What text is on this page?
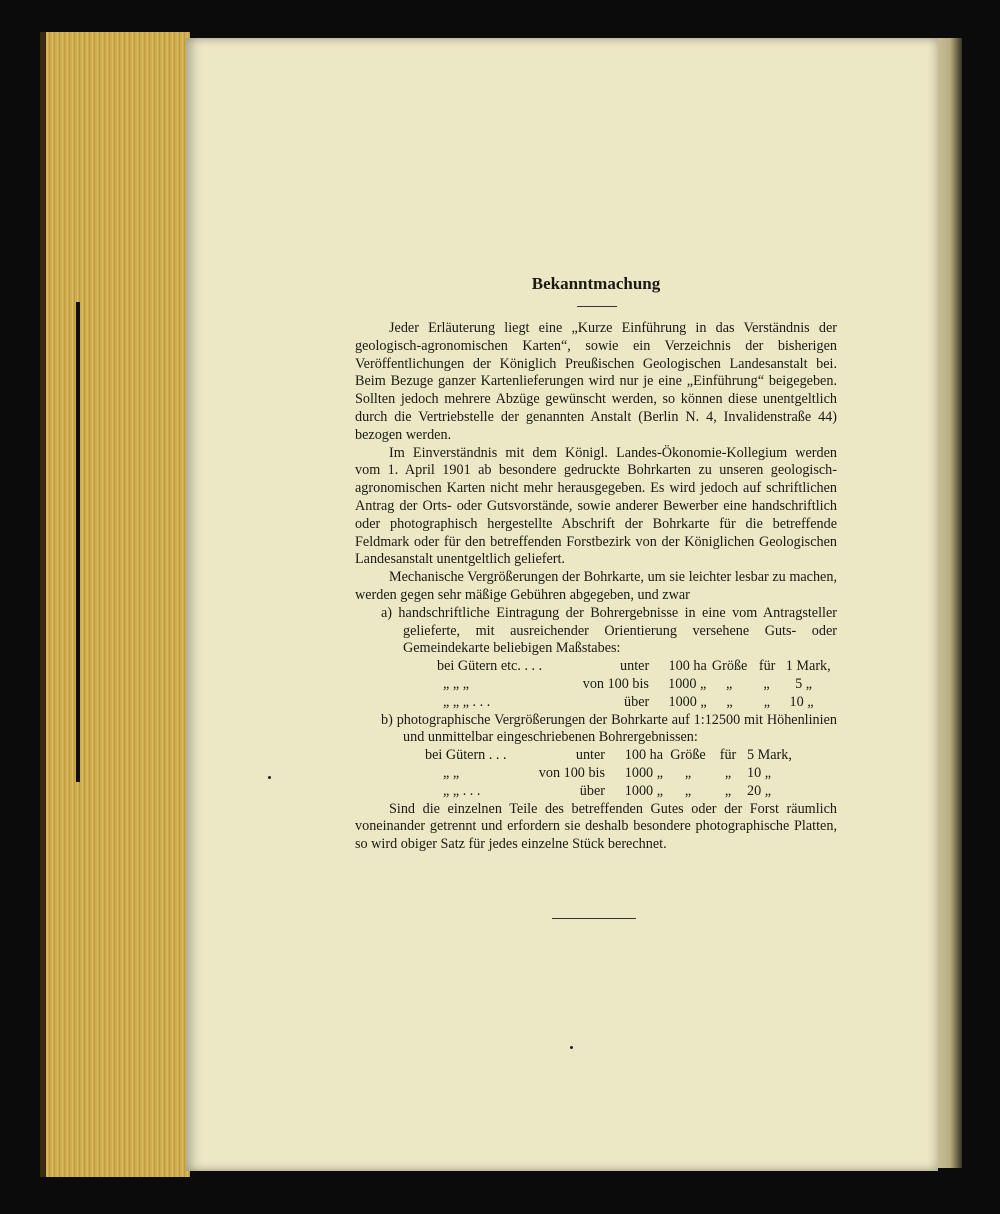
Bekanntmachung

Jeder Erläuterung liegt eine „Kurze Einführung in das Verständnis der geologisch-agronomischen Karten“, sowie ein Verzeichnis der bisherigen Veröffentlichungen der Königlich Preußischen Geologischen Landesanstalt bei. Beim Bezuge ganzer Kartenlieferungen wird nur je eine „Einführung“ beigegeben. Sollten jedoch mehrere Abzüge gewünscht werden, so können diese unentgeltlich durch die Vertriebstelle der genannten Anstalt (Berlin N. 4, Invalidenstraße 44) bezogen werden.

Im Einverständnis mit dem Königl. Landes-Ökonomie-Kollegium werden vom 1. April 1901 ab besondere gedruckte Bohrkarten zu unseren geologisch-agronomischen Karten nicht mehr herausgegeben. Es wird jedoch auf schriftlichen Antrag der Orts- oder Gutsvorstände, sowie anderer Bewerber eine handschriftlich oder photographisch hergestellte Abschrift der Bohrkarte für die betreffende Feldmark oder für den betreffenden Forstbezirk von der Königlichen Geologischen Landesanstalt unentgeltlich geliefert.

Mechanische Vergrößerungen der Bohrkarte, um sie leichter lesbar zu machen, werden gegen sehr mäßige Gebühren abgegeben, und zwar

a) handschriftliche Eintragung der Bohrergebnisse in eine vom Antragsteller gelieferte, mit ausreichender Orientierung versehene Guts- oder Gemeindekarte beliebigen Maßstabes:

bei Gütern etc. . . .	unter	100 ha Größe für 1 Mark,
„ „ „	von 100 bis	1000 „	„	„	5 „
„ „ „ . . .	über	1000 „	„	„	10 „

b) photographische Vergrößerungen der Bohrkarte auf 1:12500 mit Höhenlinien und unmittelbar eingeschriebenen Bohrergebnissen:

bei Gütern . . .	unter	100 ha Größe für 5 Mark,
„ „	von 100 bis	1000 „	„	„	10 „
„ „ . . .	über	1000 „	„	„	20 „

Sind die einzelnen Teile des betreffenden Gutes oder der Forst räumlich voneinander getrennt und erfordern sie deshalb besondere photographische Platten, so wird obiger Satz für jedes einzelne Stück berechnet.
